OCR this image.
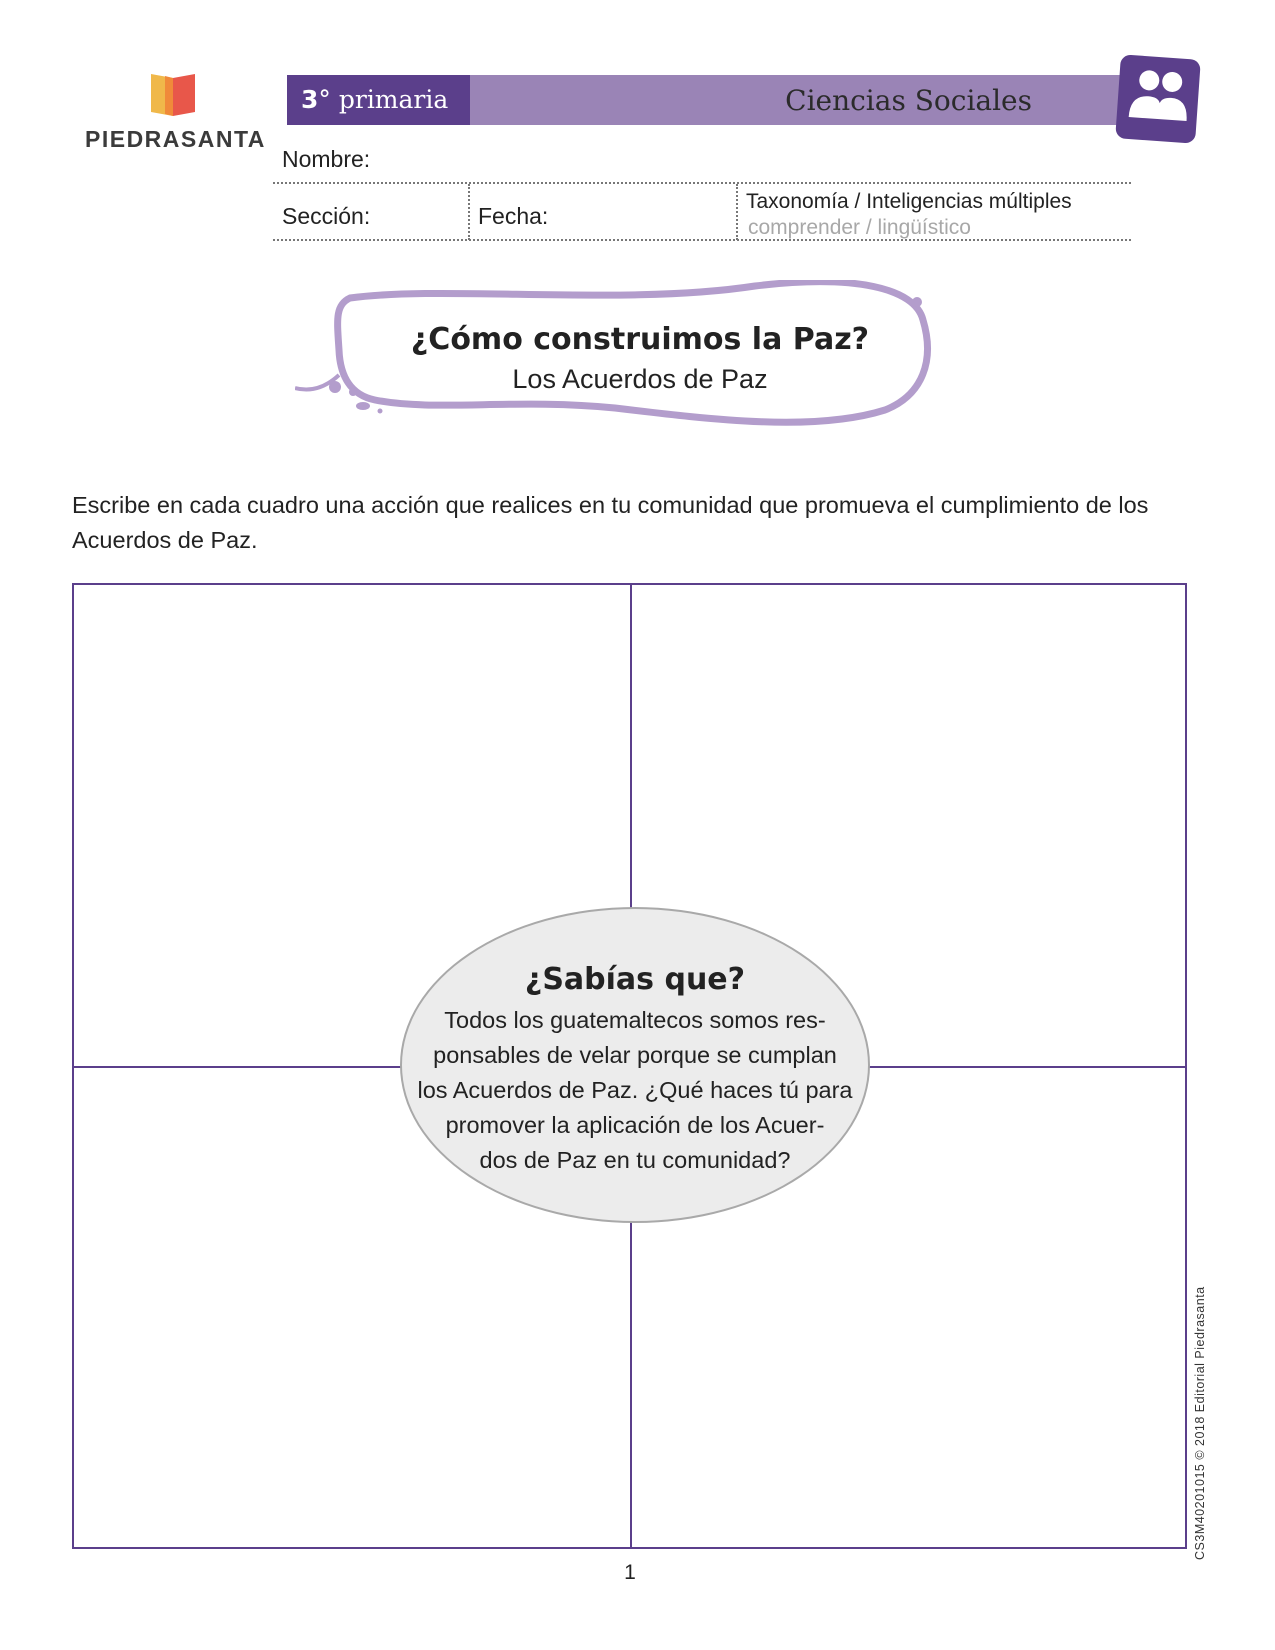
PIEDRASANTA
3° primaria	Ciencias Sociales
Nombre:
Sección:	Fecha:
Taxonomía / Inteligencias múltiples
comprender / lingüístico
¿Cómo construimos la Paz?
Los Acuerdos de Paz
Escribe en cada cuadro una acción que realices en tu comunidad que promueva el cumplimiento de los Acuerdos de Paz.
¿Sabías que?
Todos los guatemaltecos somos res-
ponsables de velar porque se cumplan
los Acuerdos de Paz. ¿Qué haces tú para
promover la aplicación de los Acuer-
dos de Paz en tu comunidad?
1
CS3M40201015 © 2018 Editorial Piedrasanta
